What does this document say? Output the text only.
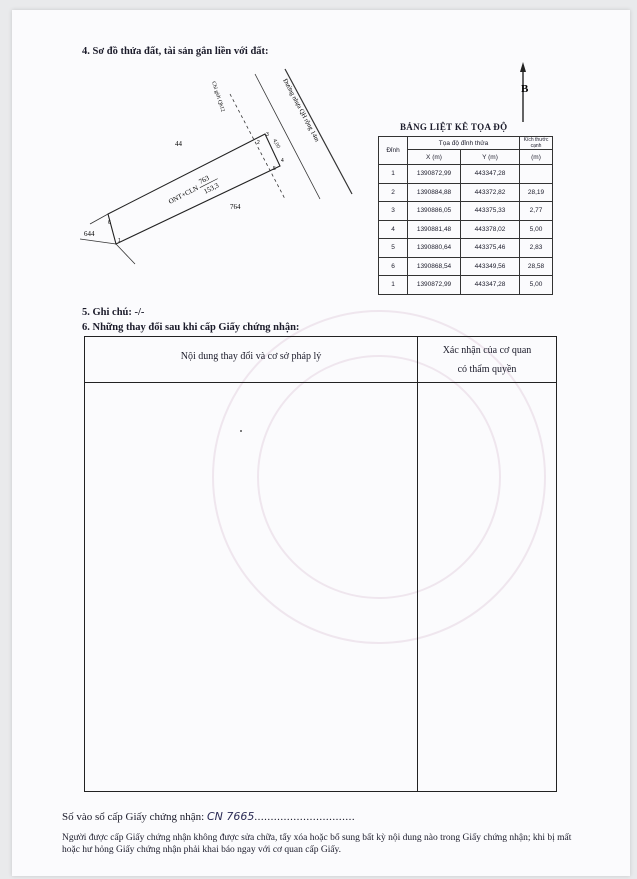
4. Sơ đồ thửa đất, tài sản gắn liền với đất:
44
764
644
ONT+CLN
763
153,3
Chỉ giới Qh12	Đường nhựa QH rộng 14m
4,00
1
2
3
4
5
6
B
BẢNG LIỆT KÊ TỌA ĐỘ
Đỉnh	Tọa độ đỉnh thửa		Kích thước cạnh
	X (m)	Y (m)	(m)
1	1390872,99	443347,28	
2	1390884,88	443372,82	28,19
3	1390886,05	443375,33	2,77
4	1390881,48	443378,02	5,00
5	1390880,64	443375,46	2,83
6	1390868,54	443349,56	28,58
1	1390872,99	443347,28	5,00
5. Ghi chú: -/-
6. Những thay đổi sau khi cấp Giấy chứng nhận:
Nội dung thay đổi và cơ sở pháp lý
Xác nhận của cơ quan
có thẩm quyền
Số vào sổ cấp Giấy chứng nhận: CN 7665...............................
Người được cấp Giấy chứng nhận không được sửa chữa, tẩy xóa hoặc bổ sung bất kỳ nội dung nào trong Giấy chứng nhận; khi bị mất hoặc hư hỏng Giấy chứng nhận phải khai báo ngay với cơ quan cấp Giấy.
